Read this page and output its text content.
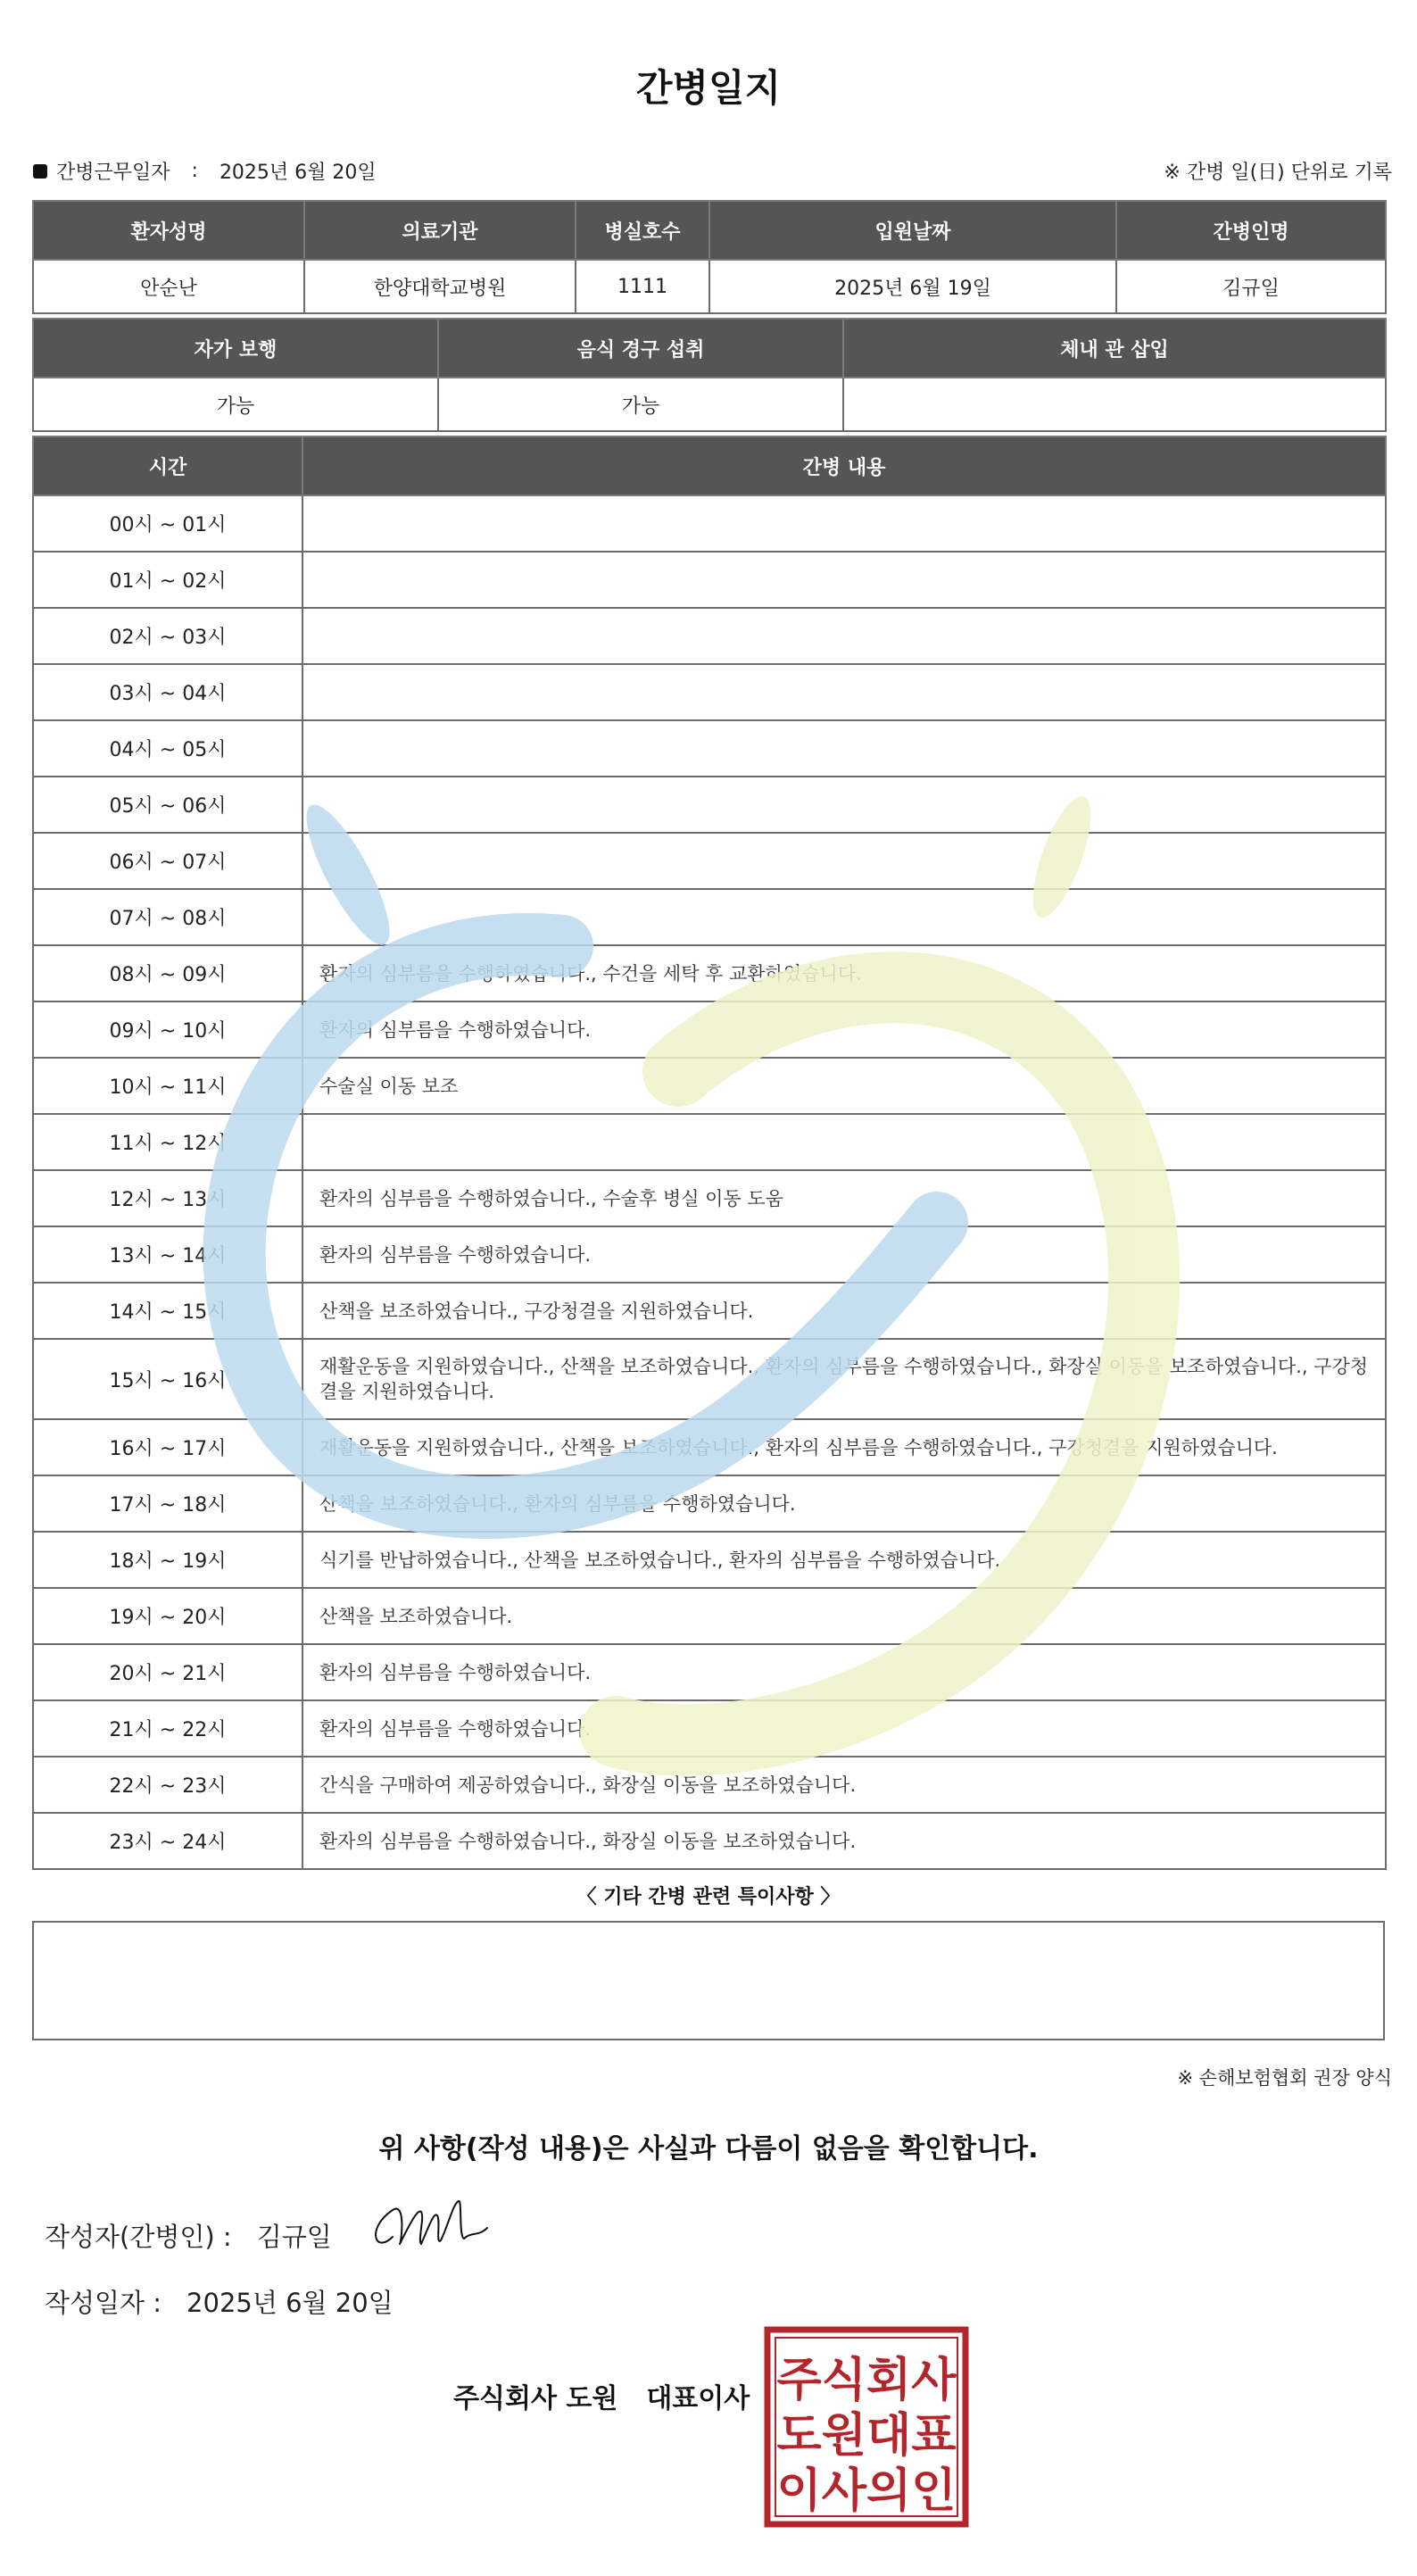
간병일지
간병근무일자 : 2025년 6월 20일	※ 간병 일(日) 단위로 기록
환자성명	의료기관	병실호수	입원날짜	간병인명
안순난	한양대학교병원	1111	2025년 6월 19일	김규일
자가 보행	음식 경구 섭취	체내 관 삽입
가능	가능	
시간	간병 내용
00시 ~ 01시	
01시 ~ 02시	
02시 ~ 03시	
03시 ~ 04시	
04시 ~ 05시	
05시 ~ 06시	
06시 ~ 07시	
07시 ~ 08시	
08시 ~ 09시	환자의 심부름을 수행하였습니다., 수건을 세탁 후 교환하였습니다.
09시 ~ 10시	환자의 심부름을 수행하였습니다.
10시 ~ 11시	수술실 이동 보조
11시 ~ 12시	
12시 ~ 13시	환자의 심부름을 수행하였습니다., 수술후 병실 이동 도움
13시 ~ 14시	환자의 심부름을 수행하였습니다.
14시 ~ 15시	산책을 보조하였습니다., 구강청결을 지원하였습니다.
15시 ~ 16시	재활운동을 지원하였습니다., 산책을 보조하였습니다., 환자의 심부름을 수행하였습니다., 화장실 이동을 보조하였습니다., 구강청결을 지원하였습니다.
16시 ~ 17시	재활운동을 지원하였습니다., 산책을 보조하였습니다., 환자의 심부름을 수행하였습니다., 구강청결을 지원하였습니다.
17시 ~ 18시	산책을 보조하였습니다., 환자의 심부름을 수행하였습니다.
18시 ~ 19시	식기를 반납하였습니다., 산책을 보조하였습니다., 환자의 심부름을 수행하였습니다.
19시 ~ 20시	산책을 보조하였습니다.
20시 ~ 21시	환자의 심부름을 수행하였습니다.
21시 ~ 22시	환자의 심부름을 수행하였습니다.
22시 ~ 23시	간식을 구매하여 제공하였습니다., 화장실 이동을 보조하였습니다.
23시 ~ 24시	환자의 심부름을 수행하였습니다., 화장실 이동을 보조하였습니다.
〈 기타 간병 관련 특이사항 〉
※ 손해보험협회 권장 양식
위 사항(작성 내용)은 사실과 다름이 없음을 확인합니다.
작성자(간병인) : 김규일
작성일자 : 2025년 6월 20일
주식회사 도원 대표이사 주식회사
도원대표
이사의인
